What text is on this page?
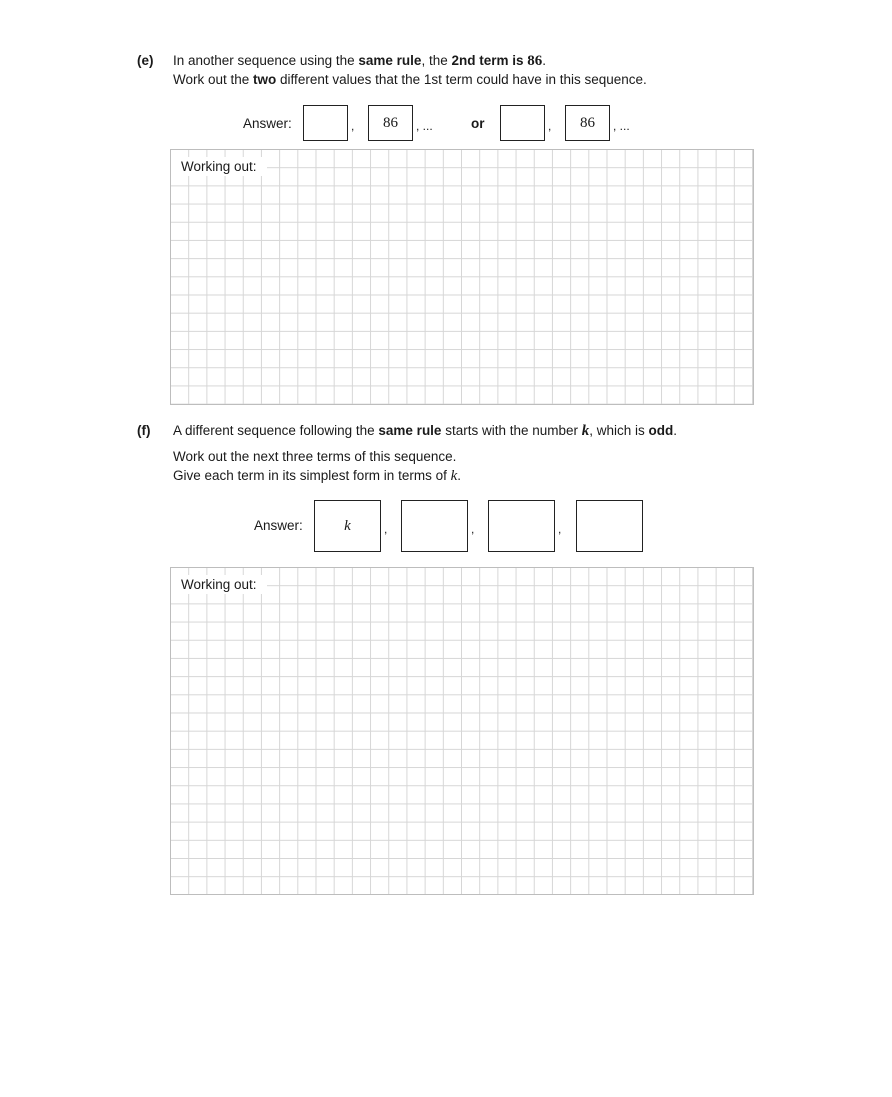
(e) In another sequence using the same rule, the 2nd term is 86.
Work out the two different values that the 1st term could have in this sequence.
Answer:	,	86	, ...	or	,	86	, ...
Working out:
(f) A different sequence following the same rule starts with the number k, which is odd.
Work out the next three terms of this sequence.
Give each term in its simplest form in terms of k.
Answer:	k	,	,	,
Working out:
